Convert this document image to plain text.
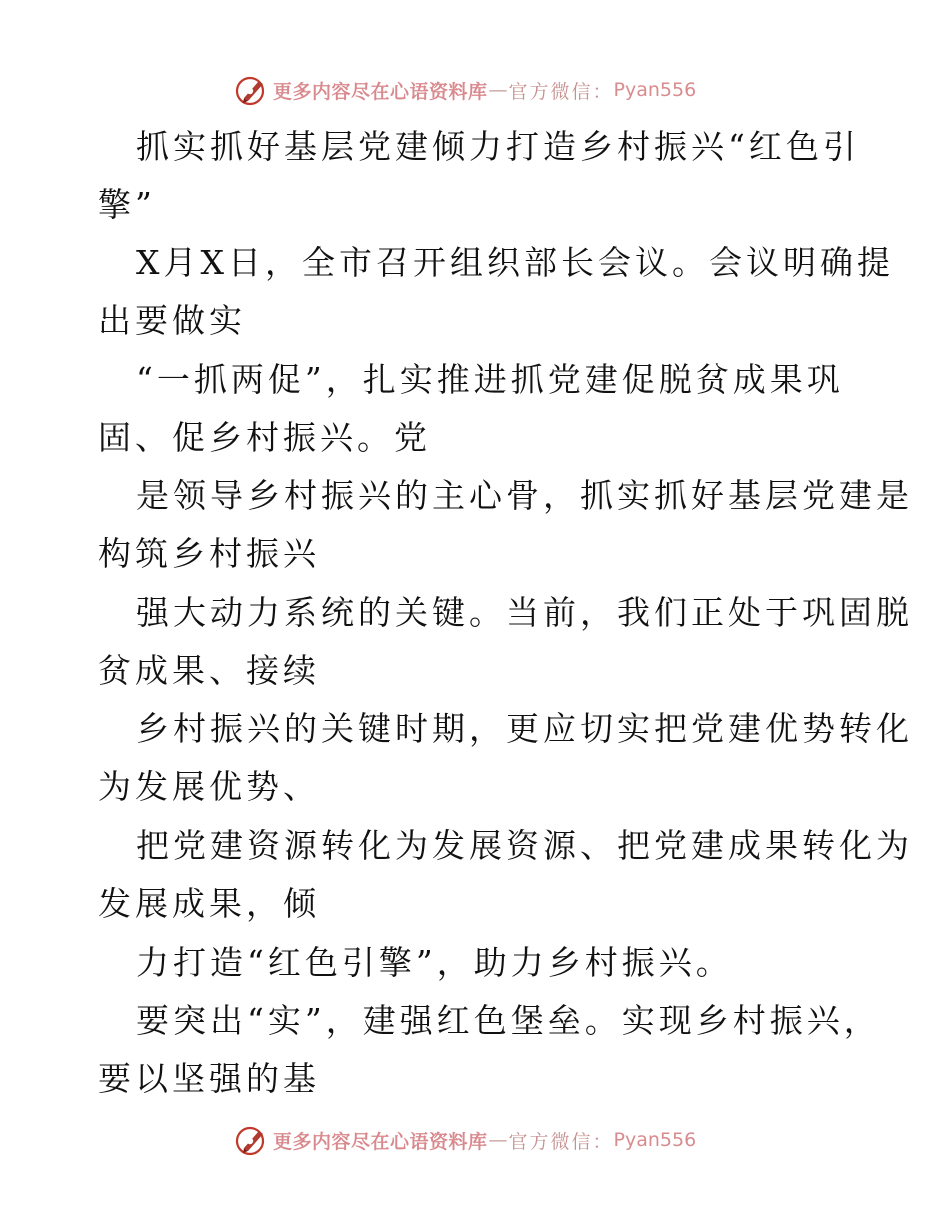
更多内容尽在心语资料库 — 官方微信： Pyan556
抓实抓好基层党建倾力打造乡村振兴“红色引
擎”
X月X日，全市召开组织部长会议。会议明确提
出要做实
“一抓两促”，扎实推进抓党建促脱贫成果巩
固、促乡村振兴。党
是领导乡村振兴的主心骨，抓实抓好基层党建是
构筑乡村振兴
强大动力系统的关键。当前，我们正处于巩固脱
贫成果、接续
乡村振兴的关键时期，更应切实把党建优势转化
为发展优势、
把党建资源转化为发展资源、把党建成果转化为
发展成果，倾
力打造“红色引擎”，助力乡村振兴。
要突出“实”，建强红色堡垒。实现乡村振兴，
要以坚强的基
更多内容尽在心语资料库 — 官方微信： Pyan556
